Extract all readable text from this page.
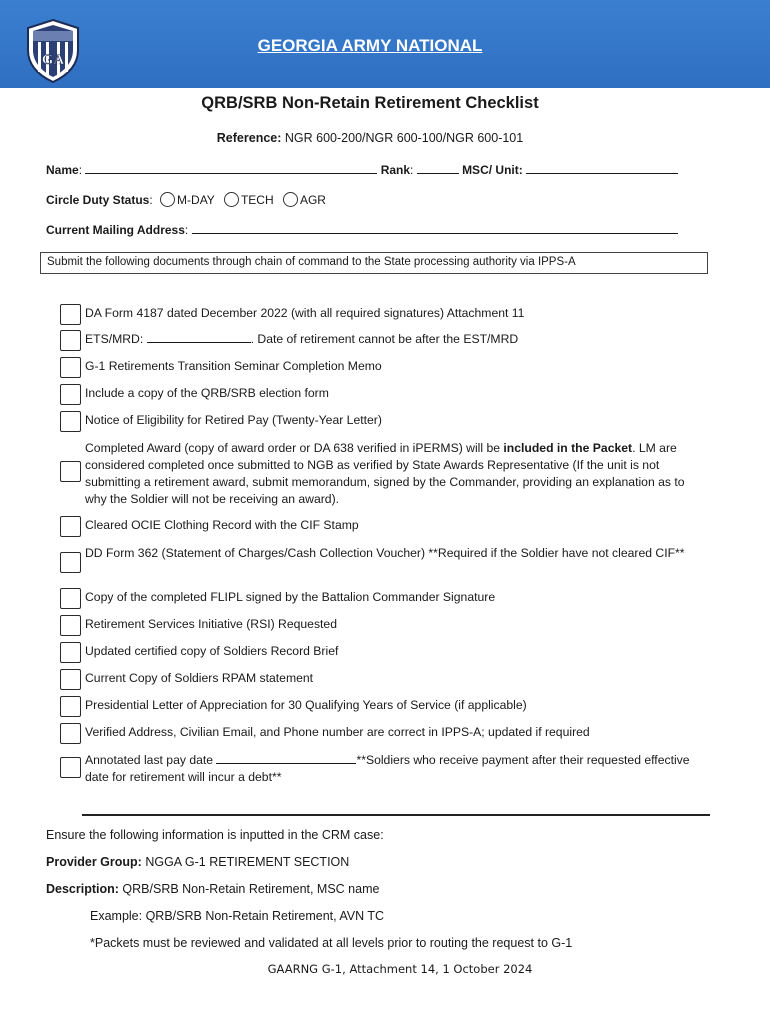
GA
GEORGIA ARMY NATIONAL
QRB/SRB Non-Retain Retirement Checklist
Reference: NGR 600-200/NGR 600-100/NGR 600-101
Name:	Rank:	MSC/ Unit:
Circle Duty Status: M-DAY TECH AGR
Current Mailing Address:
Submit the following documents through chain of command to the State processing authority via IPPS-A
DA Form 4187 dated December 2022 (with all required signatures) Attachment 11
ETS/MRD:	. Date of retirement cannot be after the EST/MRD
G-1 Retirements Transition Seminar Completion Memo
Include a copy of the QRB/SRB election form
Notice of Eligibility for Retired Pay (Twenty-Year Letter)
Completed Award (copy of award order or DA 638 verified in iPERMS) will be included in the Packet. LM are considered completed once submitted to NGB as verified by State Awards Representative (If the unit is not submitting a retirement award, submit memorandum, signed by the Commander, providing an explanation as to why the Soldier will not be receiving an award).
Cleared OCIE Clothing Record with the CIF Stamp
DD Form 362 (Statement of Charges/Cash Collection Voucher) **Required if the Soldier have not cleared CIF**
Copy of the completed FLIPL signed by the Battalion Commander Signature
Retirement Services Initiative (RSI) Requested
Updated certified copy of Soldiers Record Brief
Current Copy of Soldiers RPAM statement
Presidential Letter of Appreciation for 30 Qualifying Years of Service (if applicable)
Verified Address, Civilian Email, and Phone number are correct in IPPS-A; updated if required
Annotated last pay date	**Soldiers who receive payment after their requested effective date for retirement will incur a debt**
Ensure the following information is inputted in the CRM case:
Provider Group: NGGA G-1 RETIREMENT SECTION
Description: QRB/SRB Non-Retain Retirement, MSC name
Example: QRB/SRB Non-Retain Retirement, AVN TC
*Packets must be reviewed and validated at all levels prior to routing the request to G-1
GAARNG G-1, Attachment 14, 1 October 2024
